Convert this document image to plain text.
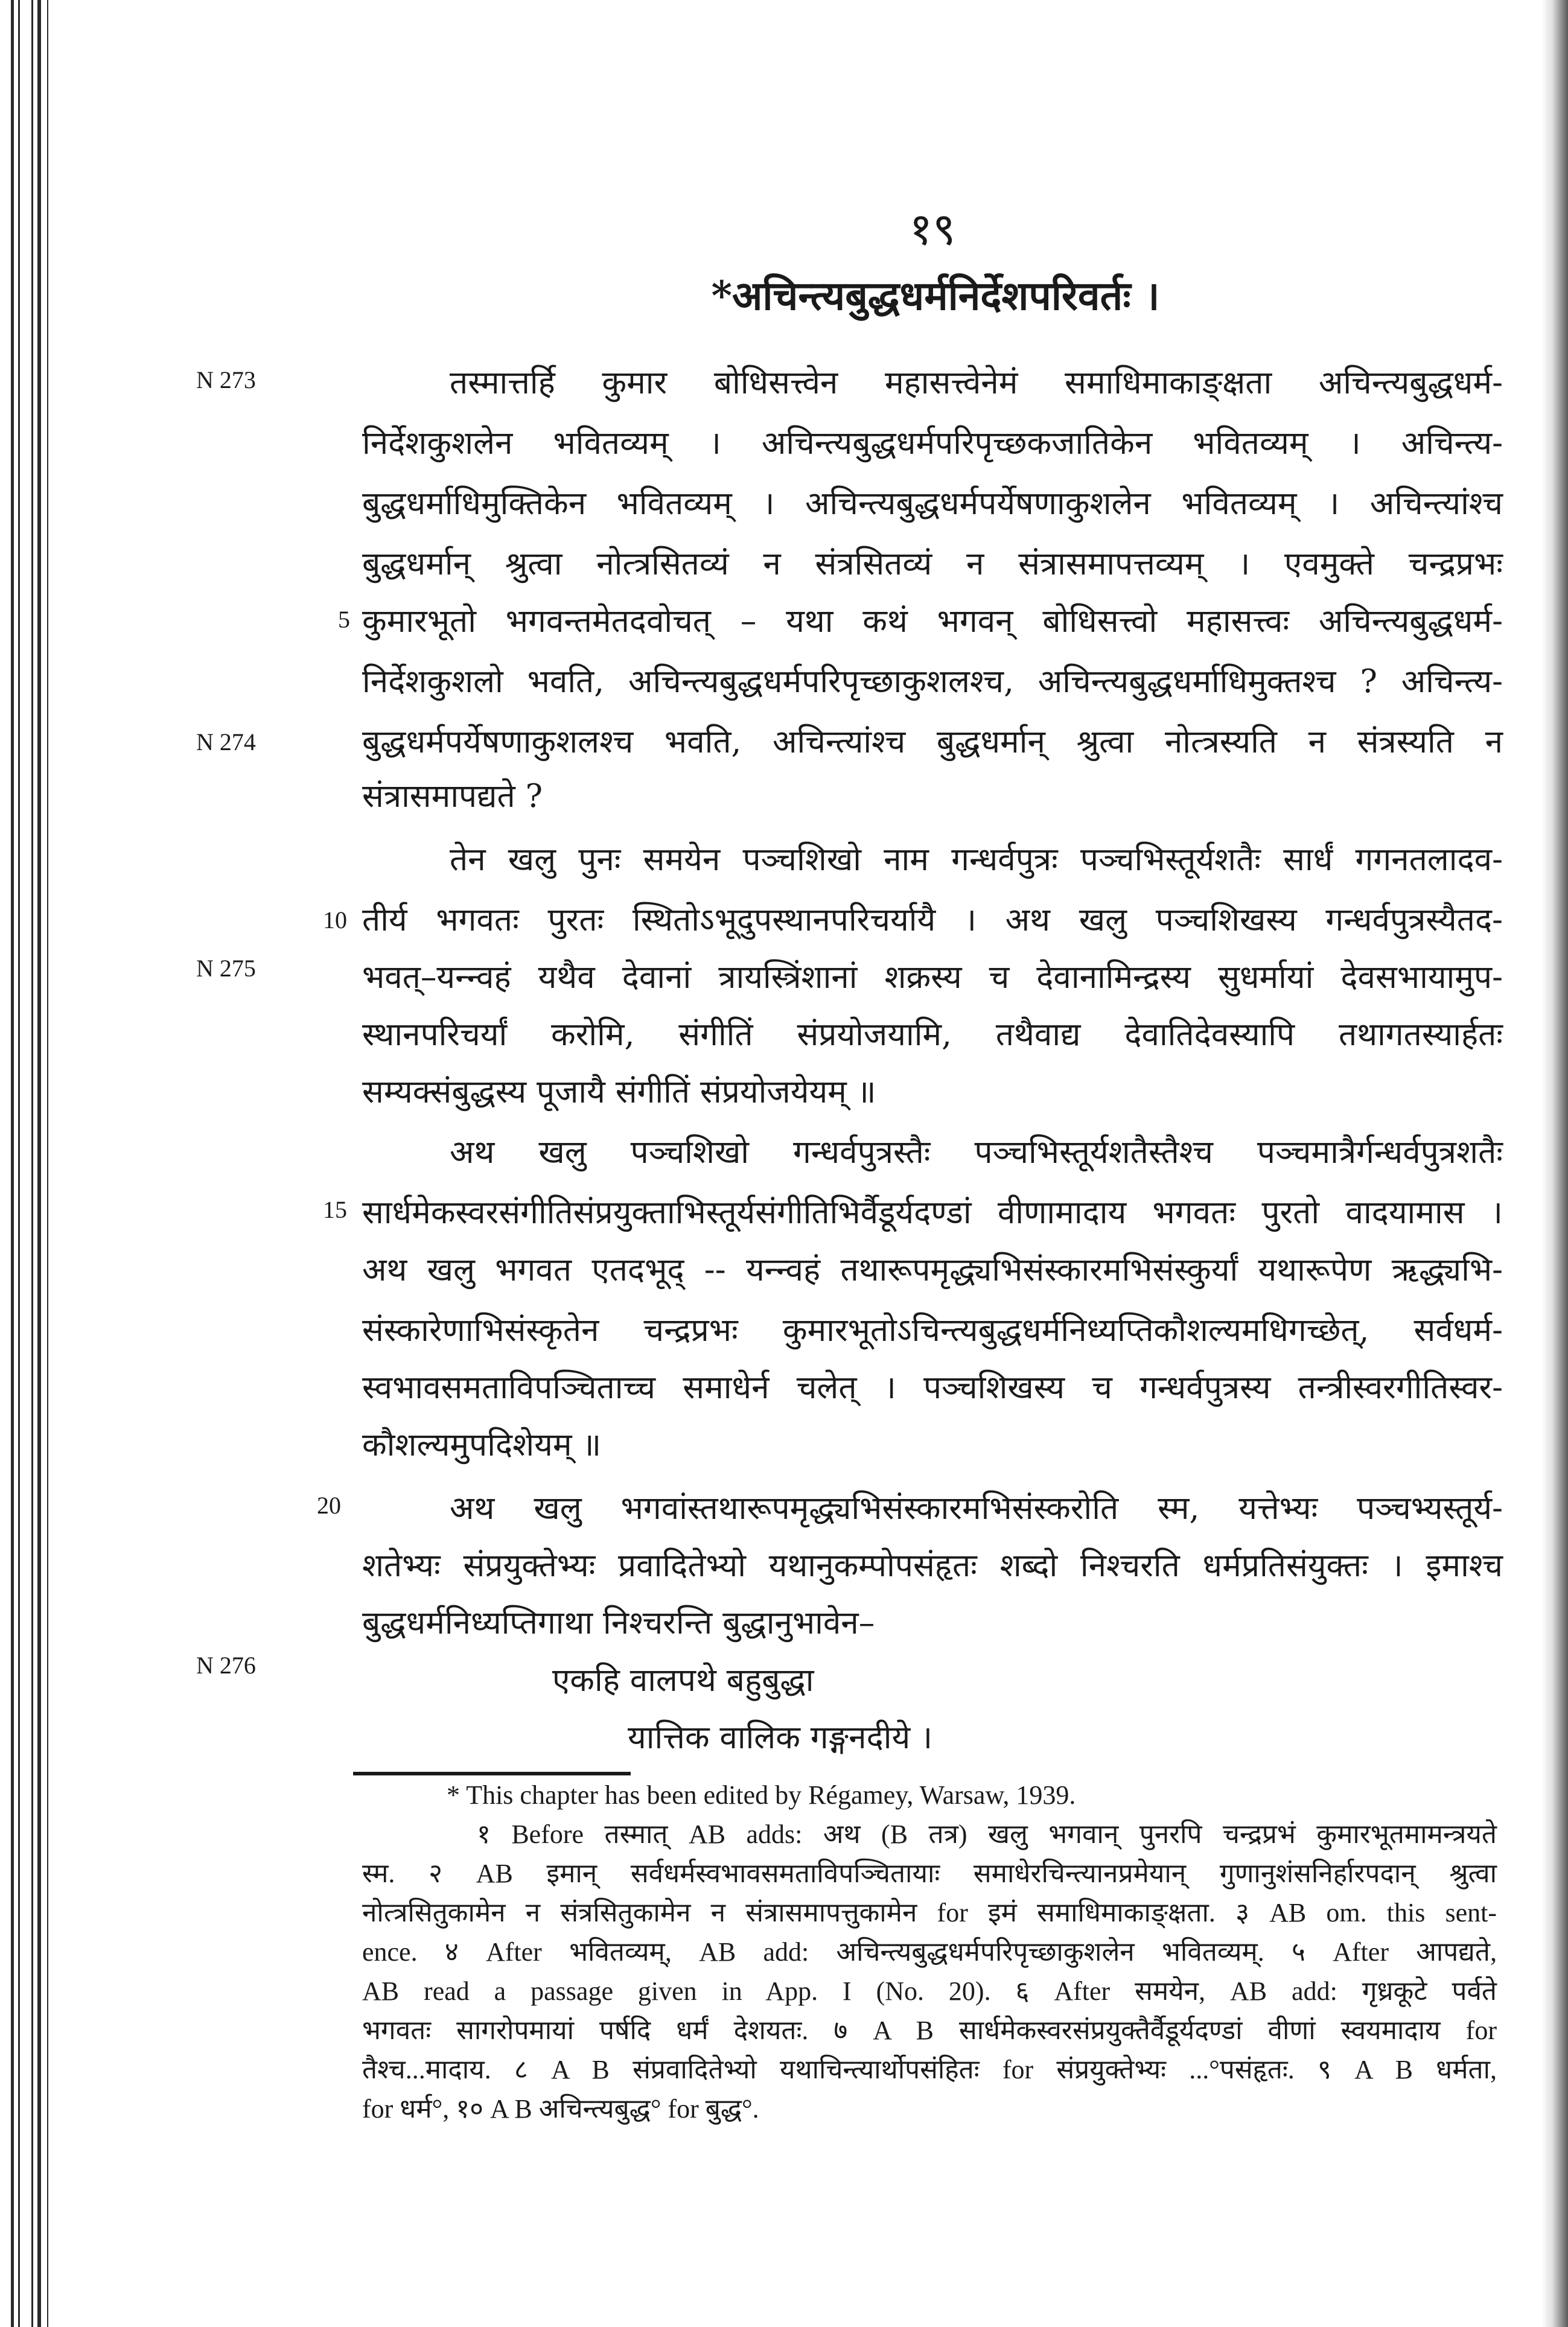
१९
*अचिन्त्यबुद्धधर्मनिर्देशपरिवर्तः ।
N 273
N 274
N 275
N 276
5
10
15
20
तस्मात्तर्हि कुमार बोधिसत्त्वेन महासत्त्वेनेमं समाधिमाकाङ्क्षता अचिन्त्यबुद्धधर्म-
निर्देशकुशलेन भवितव्यम् । अचिन्त्यबुद्धधर्मपरिपृच्छकजातिकेन भवितव्यम् । अचिन्त्य-
बुद्धधर्माधिमुक्तिकेन भवितव्यम् । अचिन्त्यबुद्धधर्मपर्येषणाकुशलेन भवितव्यम् । अचिन्त्यांश्च
बुद्धधर्मान् श्रुत्वा नोत्त्रसितव्यं न संत्रसितव्यं न संत्रासमापत्तव्यम् । एवमुक्ते चन्द्रप्रभः
कुमारभूतो भगवन्तमेतदवोचत् – यथा कथं भगवन् बोधिसत्त्वो महासत्त्वः अचिन्त्यबुद्धधर्म-
निर्देशकुशलो भवति, अचिन्त्यबुद्धधर्मपरिपृच्छाकुशलश्च, अचिन्त्यबुद्धधर्माधिमुक्तश्च ? अचिन्त्य-
बुद्धधर्मपर्येषणाकुशलश्च भवति, अचिन्त्यांश्च बुद्धधर्मान् श्रुत्वा नोत्त्रस्यति न संत्रस्यति न
संत्रासमापद्यते ?
तेन खलु पुनः समयेन पञ्चशिखो नाम गन्धर्वपुत्रः पञ्चभिस्तूर्यशतैः सार्धं गगनतलादव-
तीर्य भगवतः पुरतः स्थितोऽभूदुपस्थानपरिचर्यायै । अथ खलु पञ्चशिखस्य गन्धर्वपुत्रस्यैतद-
भवत्–यन्न्वहं यथैव देवानां त्रायस्त्रिंशानां शक्रस्य च देवानामिन्द्रस्य सुधर्मायां देवसभायामुप-
स्थानपरिचर्यां करोमि, संगीतिं संप्रयोजयामि, तथैवाद्य देवातिदेवस्यापि तथागतस्यार्हतः
सम्यक्संबुद्धस्य पूजायै संगीतिं संप्रयोजयेयम् ॥
अथ खलु पञ्चशिखो गन्धर्वपुत्रस्तैः पञ्चभिस्तूर्यशतैस्तैश्च पञ्चमात्रैर्गन्धर्वपुत्रशतैः
सार्धमेकस्वरसंगीतिसंप्रयुक्ताभिस्तूर्यसंगीतिभिर्वैडूर्यदण्डां वीणामादाय भगवतः पुरतो वादयामास ।
अथ खलु भगवत एतदभूद् -- यन्न्वहं तथारूपमृद्ध्यभिसंस्कारमभिसंस्कुर्यां यथारूपेण ऋद्ध्यभि-
संस्कारेणाभिसंस्कृतेन चन्द्रप्रभः कुमारभूतोऽचिन्त्यबुद्धधर्मनिध्यप्तिकौशल्यमधिगच्छेत्, सर्वधर्म-
स्वभावसमताविपञ्चिताच्च समाधेर्न चलेत् । पञ्चशिखस्य च गन्धर्वपुत्रस्य तन्त्रीस्वरगीतिस्वर-
कौशल्यमुपदिशेयम् ॥
अथ खलु भगवांस्तथारूपमृद्ध्यभिसंस्कारमभिसंस्करोति स्म, यत्तेभ्यः पञ्चभ्यस्तूर्य-
शतेभ्यः संप्रयुक्तेभ्यः प्रवादितेभ्यो यथानुकम्पोपसंहृतः शब्दो निश्चरति धर्मप्रतिसंयुक्तः । इमाश्च
बुद्धधर्मनिध्यप्तिगाथा निश्चरन्ति बुद्धानुभावेन–
एकहि वालपथे बहुबुद्धा
यात्तिक वालिक गङ्गनदीये ।
* This chapter has been edited by Régamey, Warsaw, 1939.
१ Before तस्मात् AB adds: अथ (B तत्र) खलु भगवान् पुनरपि चन्द्रप्रभं कुमारभूतमामन्त्रयते
स्म. २ AB इमान् सर्वधर्मस्वभावसमताविपञ्चितायाः समाधेरचिन्त्यानप्रमेयान् गुणानुशंसनिर्हारपदान् श्रुत्वा
नोत्त्रसितुकामेन न संत्रसितुकामेन न संत्रासमापत्तुकामेन for इमं समाधिमाकाङ्क्षता. ३ AB om. this sent-
ence. ४ After भवितव्यम्, AB add: अचिन्त्यबुद्धधर्मपरिपृच्छाकुशलेन भवितव्यम्. ५ After आपद्यते,
AB read a passage given in App. I (No. 20). ६ After समयेन, AB add: गृध्रकूटे पर्वते
भगवतः सागरोपमायां पर्षदि धर्मं देशयतः. ७ A B सार्धमेकस्वरसंप्रयुक्तैर्वैडूर्यदण्डां वीणां स्वयमादाय for
तैश्च...मादाय. ८ A B संप्रवादितेभ्यो यथाचिन्त्यार्थोपसंहितः for संप्रयुक्तेभ्यः ...°पसंहृतः. ९ A B धर्मता,
for धर्म°, १० A B अचिन्त्यबुद्ध° for बुद्ध°.
